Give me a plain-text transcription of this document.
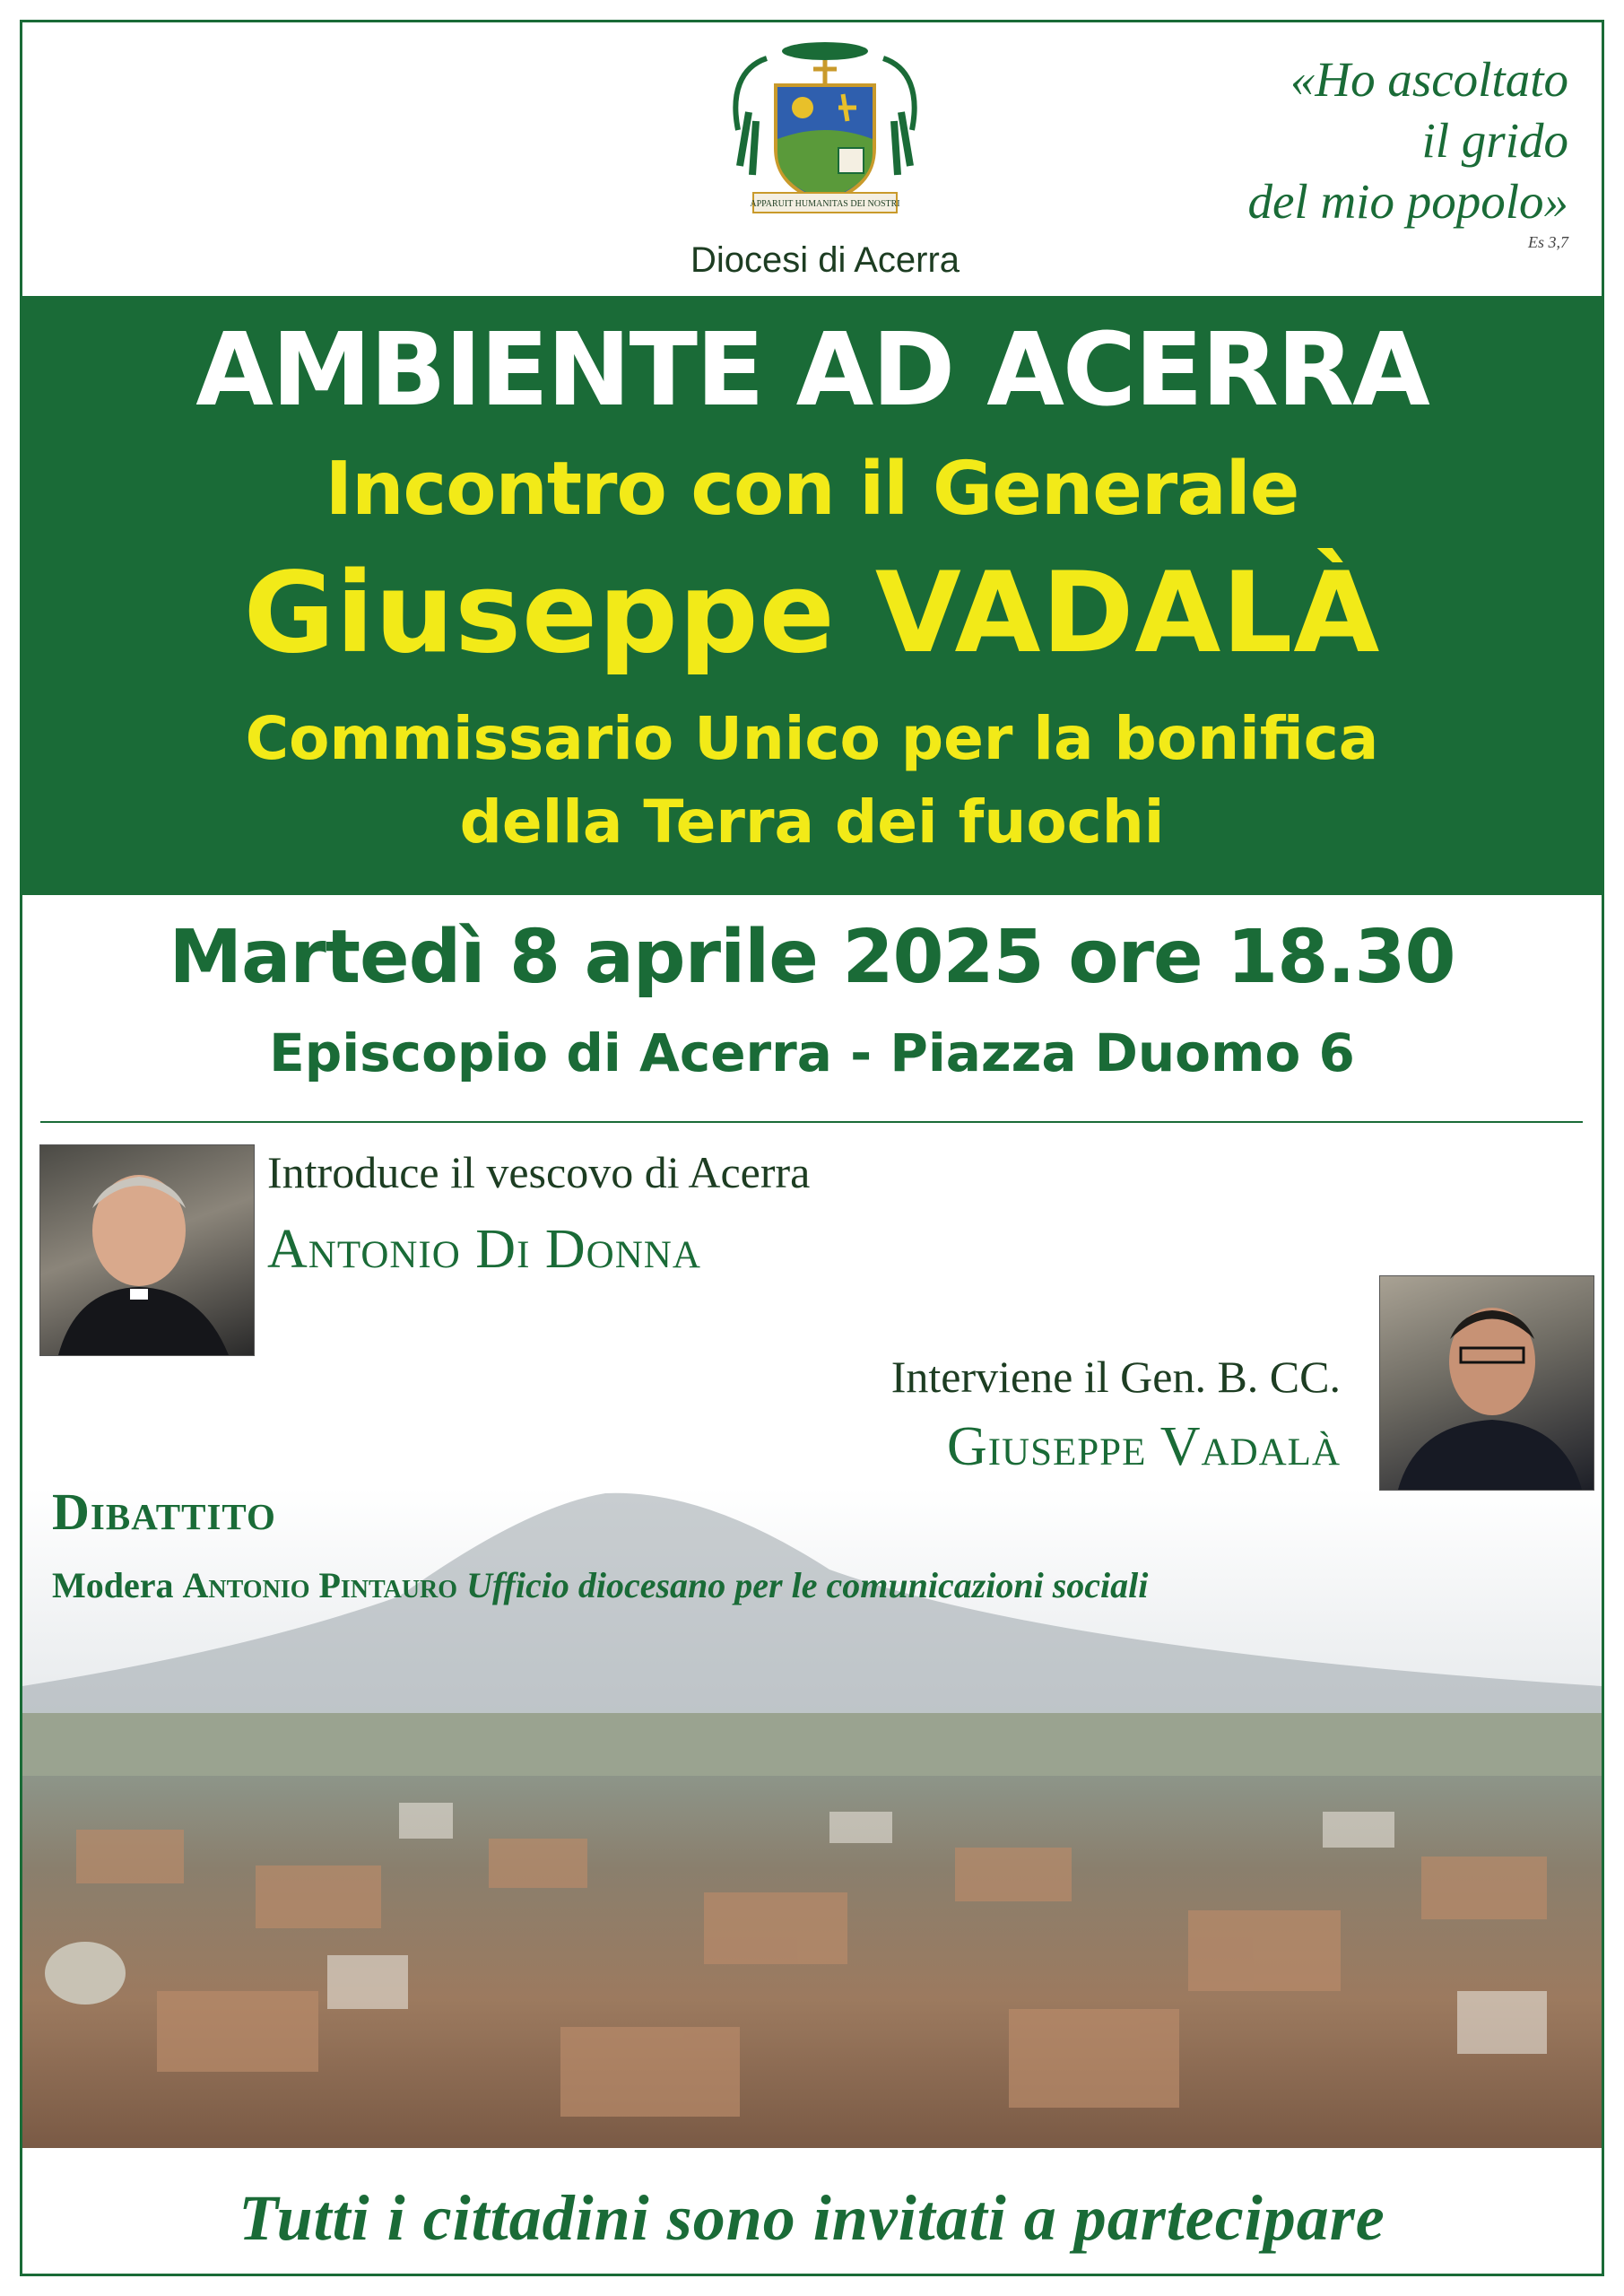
APPARUIT HUMANITAS DEI NOSTRI
Diocesi di Acerra
«Ho ascoltato
il grido
del mio popolo»
Es 3,7
AMBIENTE AD ACERRA
Incontro con il Generale
Giuseppe VADALÀ
Commissario Unico per la bonifica
della Terra dei fuochi
Martedì 8 aprile 2025 ore 18.30
Episcopio di Acerra - Piazza Duomo 6
Introduce il vescovo di Acerra
Antonio Di Donna
Interviene il Gen. B. CC.
Giuseppe Vadalà
Dibattito
Modera Antonio Pintauro Ufficio diocesano per le comunicazioni sociali
Tutti i cittadini sono invitati a partecipare
